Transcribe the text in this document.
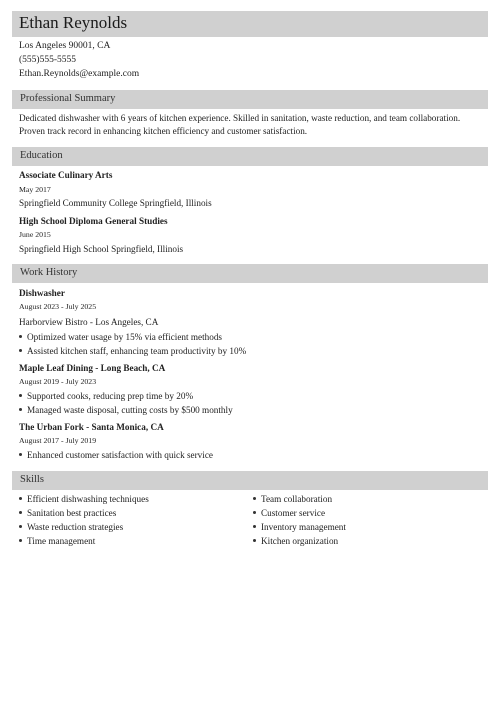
Ethan Reynolds
Los Angeles 90001, CA
(555)555-5555
Ethan.Reynolds@example.com
Professional Summary
Dedicated dishwasher with 6 years of kitchen experience. Skilled in sanitation, waste reduction, and team collaboration.
Proven track record in enhancing kitchen efficiency and customer satisfaction.
Education
Associate Culinary Arts
May 2017
Springfield Community College Springfield, Illinois
High School Diploma General Studies
June 2015
Springfield High School Springfield, Illinois
Work History
Dishwasher
August 2023 - July 2025
Harborview Bistro - Los Angeles, CA
Optimized water usage by 15% via efficient methods
Assisted kitchen staff, enhancing team productivity by 10%
Maple Leaf Dining - Long Beach, CA
August 2019 - July 2023
Supported cooks, reducing prep time by 20%
Managed waste disposal, cutting costs by $500 monthly
The Urban Fork - Santa Monica, CA
August 2017 - July 2019
Enhanced customer satisfaction with quick service
Skills
Efficient dishwashing techniques
Sanitation best practices
Waste reduction strategies
Time management
Team collaboration
Customer service
Inventory management
Kitchen organization
